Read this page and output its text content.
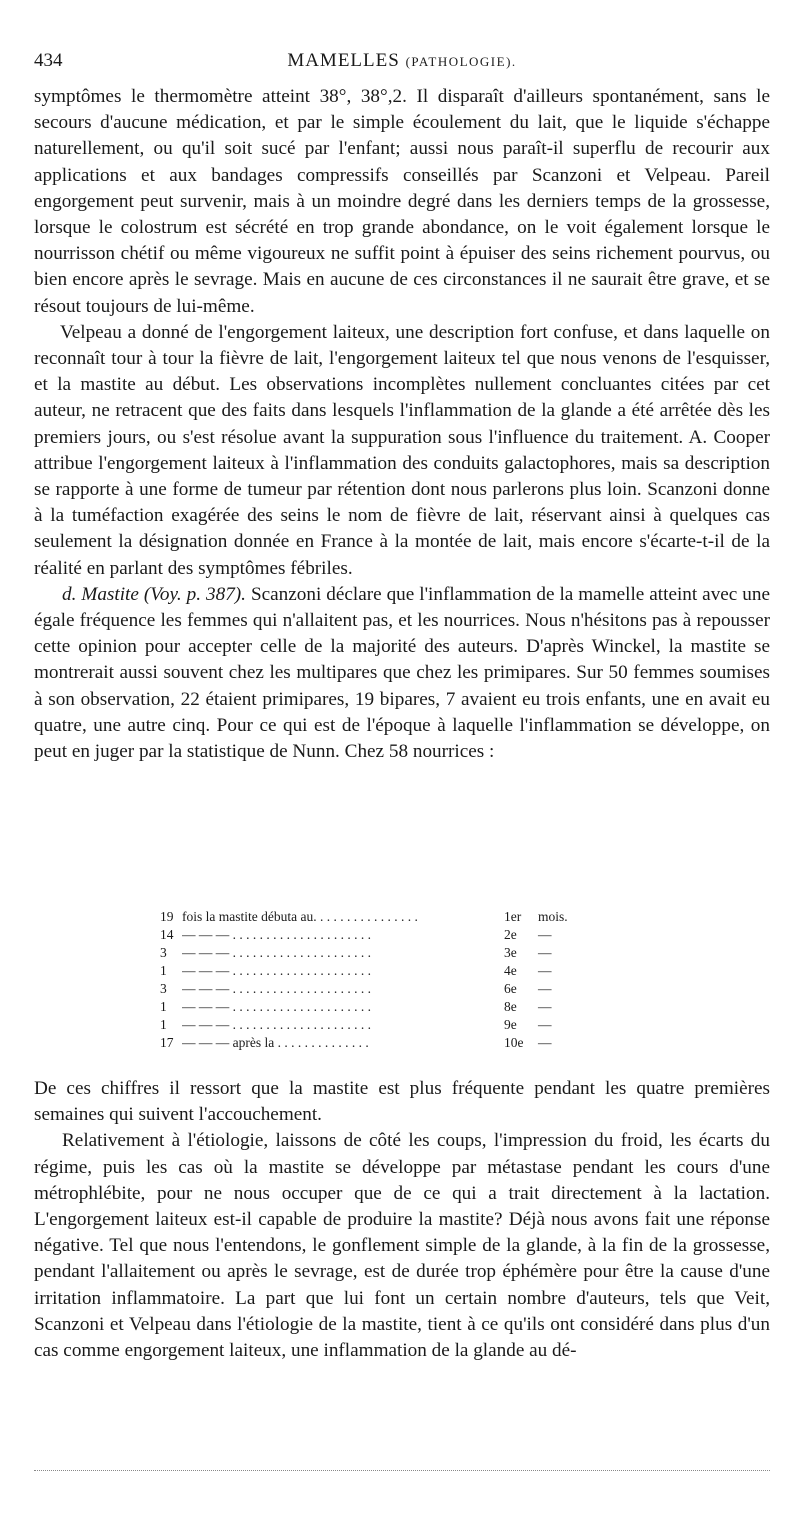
434	MAMELLES (PATHOLOGIE).

symptômes le thermomètre atteint 38°, 38°,2. Il disparaît d'ailleurs spontanément, sans le secours d'aucune médication, et par le simple écoulement du lait, que le liquide s'échappe naturellement, ou qu'il soit sucé par l'enfant; aussi nous paraît-il superflu de recourir aux applications et aux bandages compressifs conseillés par Scanzoni et Velpeau. Pareil engorgement peut survenir, mais à un moindre degré dans les derniers temps de la grossesse, lorsque le colostrum est sécrété en trop grande abondance, on le voit également lorsque le nourrisson chétif ou même vigoureux ne suffit point à épuiser des seins richement pourvus, ou bien encore après le sevrage. Mais en aucune de ces circonstances il ne saurait être grave, et se résout toujours de lui-même.

Velpeau a donné de l'engorgement laiteux, une description fort confuse, et dans laquelle on reconnaît tour à tour la fièvre de lait, l'engorgement laiteux tel que nous venons de l'esquisser, et la mastite au début. Les observations incomplètes nullement concluantes citées par cet auteur, ne retracent que des faits dans lesquels l'inflammation de la glande a été arrêtée dès les premiers jours, ou s'est résolue avant la suppuration sous l'influence du traitement. A. Cooper attribue l'engorgement laiteux à l'inflammation des conduits galactophores, mais sa description se rapporte à une forme de tumeur par rétention dont nous parlerons plus loin. Scanzoni donne à la tuméfaction exagérée des seins le nom de fièvre de lait, réservant ainsi à quelques cas seulement la désignation donnée en France à la montée de lait, mais encore s'écarte-t-il de la réalité en parlant des symptômes fébriles.

d. Mastite (Voy. p. 387). Scanzoni déclare que l'inflammation de la mamelle atteint avec une égale fréquence les femmes qui n'allaitent pas, et les nourrices. Nous n'hésitons pas à repousser cette opinion pour accepter celle de la majorité des auteurs. D'après Winckel, la mastite se montrerait aussi souvent chez les multipares que chez les primipares. Sur 50 femmes soumises à son observation, 22 étaient primipares, 19 bipares, 7 avaient eu trois enfants, une en avait eu quatre, une autre cinq. Pour ce qui est de l'époque à laquelle l'inflammation se développe, on peut en juger par la statistique de Nunn. Chez 58 nourrices :

19 fois la mastite débuta au. . . . . . . . . . . . . . . .	1er	mois.
14 — — — . . . . . . . . . . . . . . . . . . . . .	2e	—
3	— — — . . . . . . . . . . . . . . . . . . . . .	3e	—
1	— — — . . . . . . . . . . . . . . . . . . . . .	4e	—
3	— — — . . . . . . . . . . . . . . . . . . . . .	6e	—
1	— — — . . . . . . . . . . . . . . . . . . . . .	8e	—
1	— — — . . . . . . . . . . . . . . . . . . . . .	9e	—
17 — — — après la . . . . . . . . . . . . . .	10e	—

De ces chiffres il ressort que la mastite est plus fréquente pendant les quatre premières semaines qui suivent l'accouchement.

Relativement à l'étiologie, laissons de côté les coups, l'impression du froid, les écarts du régime, puis les cas où la mastite se développe par métastase pendant les cours d'une métrophlébite, pour ne nous occuper que de ce qui a trait directement à la lactation. L'engorgement laiteux est-il capable de produire la mastite? Déjà nous avons fait une réponse négative. Tel que nous l'entendons, le gonflement simple de la glande, à la fin de la grossesse, pendant l'allaitement ou après le sevrage, est de durée trop éphémère pour être la cause d'une irritation inflammatoire. La part que lui font un certain nombre d'auteurs, tels que Veit, Scanzoni et Velpeau dans l'étiologie de la mastite, tient à ce qu'ils ont considéré dans plus d'un cas comme engorgement laiteux, une inflammation de la glande au dé-
